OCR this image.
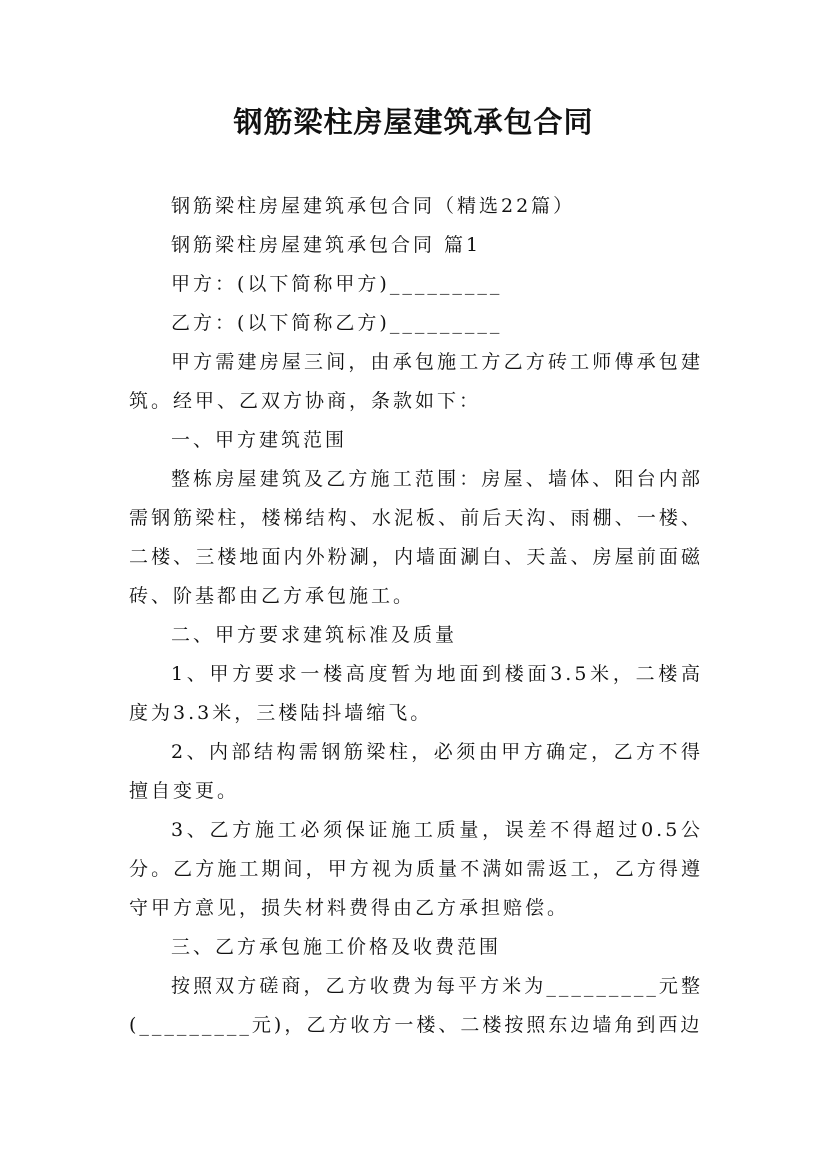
钢筋梁柱房屋建筑承包合同

钢筋梁柱房屋建筑承包合同（精选22篇）

钢筋梁柱房屋建筑承包合同 篇1

甲方：(以下简称甲方)_________

乙方：(以下简称乙方)_________

甲方需建房屋三间，由承包施工方乙方砖工师傅承包建筑。经甲、乙双方协商，条款如下：

一、甲方建筑范围

整栋房屋建筑及乙方施工范围：房屋、墙体、阳台内部需钢筋梁柱，楼梯结构、水泥板、前后天沟、雨棚、一楼、二楼、三楼地面内外粉涮，内墙面涮白、天盖、房屋前面磁砖、阶基都由乙方承包施工。

二、甲方要求建筑标准及质量

1、甲方要求一楼高度暂为地面到楼面3.5米，二楼高度为3.3米，三楼陆抖墙缩飞。

2、内部结构需钢筋梁柱，必须由甲方确定，乙方不得擅自变更。

3、乙方施工必须保证施工质量，误差不得超过0.5公分。乙方施工期间，甲方视为质量不满如需返工，乙方得遵守甲方意见，损失材料费得由乙方承担赔偿。

三、乙方承包施工价格及收费范围

按照双方磋商，乙方收费为每平方米为_________元整(_________元)，乙方收方一楼、二楼按照东边墙角到西边
